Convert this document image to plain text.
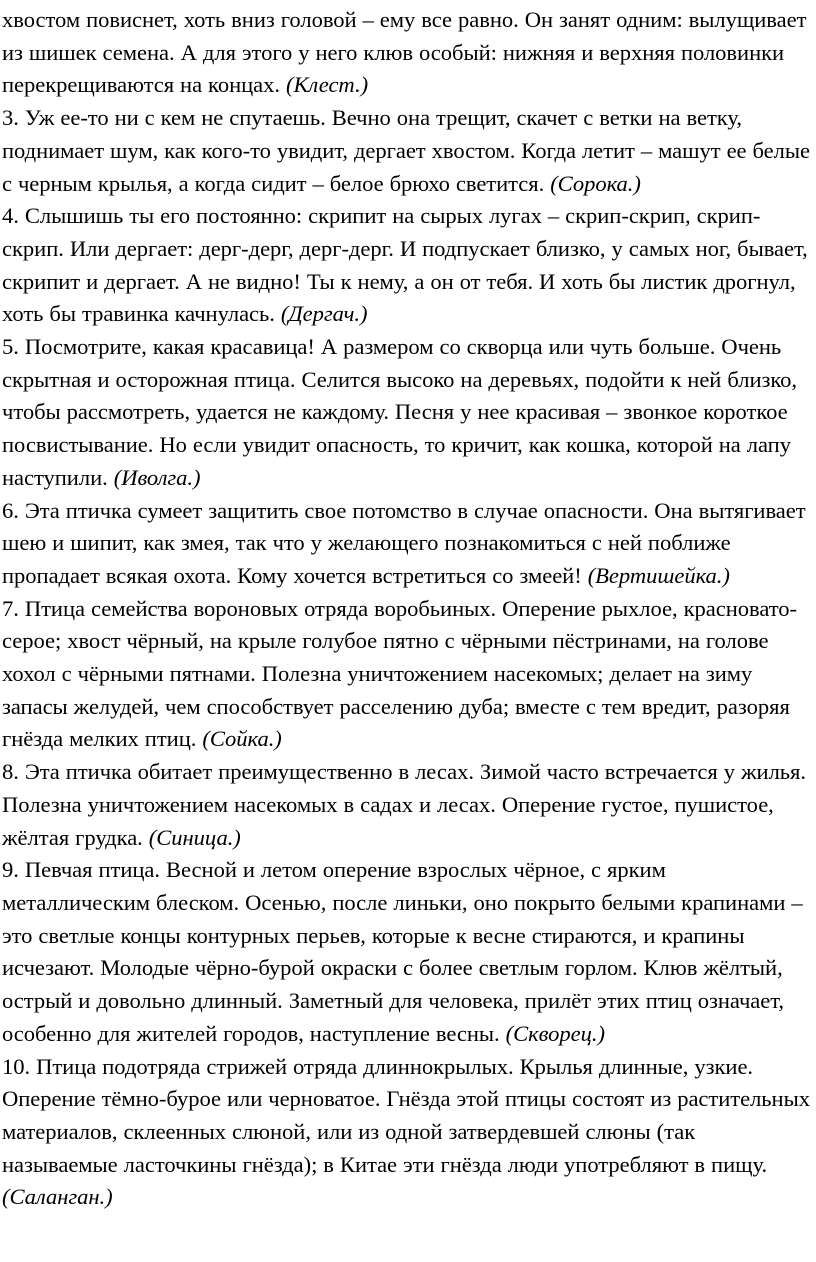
хвостом повиснет, хоть вниз головой – ему все равно. Он занят одним: вылущивает из шишек семена. А для этого у него клюв особый: нижняя и верхняя половинки перекрещиваются на концах. (Клест.)

3. Уж ее-то ни с кем не спутаешь. Вечно она трещит, скачет с ветки на ветку, поднимает шум, как кого-то увидит, дергает хвостом. Когда летит – машут ее белые с черным крылья, а когда сидит – белое брюхо светится. (Сорока.)

4. Слышишь ты его постоянно: скрипит на сырых лугах – скрип-скрип, скрип-скрип. Или дергает: дерг-дерг, дерг-дерг. И подпускает близко, у самых ног, бывает, скрипит и дергает. А не видно! Ты к нему, а он от тебя. И хоть бы листик дрогнул, хоть бы травинка качнулась. (Дергач.)

5. Посмотрите, какая красавица! А размером со скворца или чуть больше. Очень скрытная и осторожная птица. Селится высоко на деревьях, подойти к ней близко, чтобы рассмотреть, удается не каждому. Песня у нее красивая – звонкое короткое посвистывание. Но если увидит опасность, то кричит, как кошка, которой на лапу наступили. (Иволга.)

6. Эта птичка сумеет защитить свое потомство в случае опасности. Она вытягивает шею и шипит, как змея, так что у желающего познакомиться с ней поближе пропадает всякая охота. Кому хочется встретиться со змеей! (Вертишейка.)

7. Птица семейства вороновых отряда воробьиных. Оперение рыхлое, красновато-серое; хвост чёрный, на крыле голубое пятно с чёрными пёстринами, на голове хохол с чёрными пятнами. Полезна уничтожением насекомых; делает на зиму запасы желудей, чем способствует расселению дуба; вместе с тем вредит, разоряя гнёзда мелких птиц. (Сойка.)

8. Эта птичка обитает преимущественно в лесах. Зимой часто встречается у жилья. Полезна уничтожением насекомых в садах и лесах. Оперение густое, пушистое, жёлтая грудка. (Синица.)

9. Певчая птица. Весной и летом оперение взрослых чёрное, с ярким металлическим блеском. Осенью, после линьки, оно покрыто белыми крапинами – это светлые концы контурных перьев, которые к весне стираются, и крапины исчезают. Молодые чёрно-бурой окраски с более светлым горлом. Клюв жёлтый, острый и довольно длинный. Заметный для человека, прилёт этих птиц означает, особенно для жителей городов, наступление весны. (Скворец.)

10. Птица подотряда стрижей отряда длиннокрылых. Крылья длинные, узкие. Оперение тёмно-бурое или черноватое. Гнёзда этой птицы состоят из растительных материалов, склеенных слюной, или из одной затвердевшей слюны (так называемые ласточкины гнёзда); в Китае эти гнёзда люди употребляют в пищу.(Саланган.)
